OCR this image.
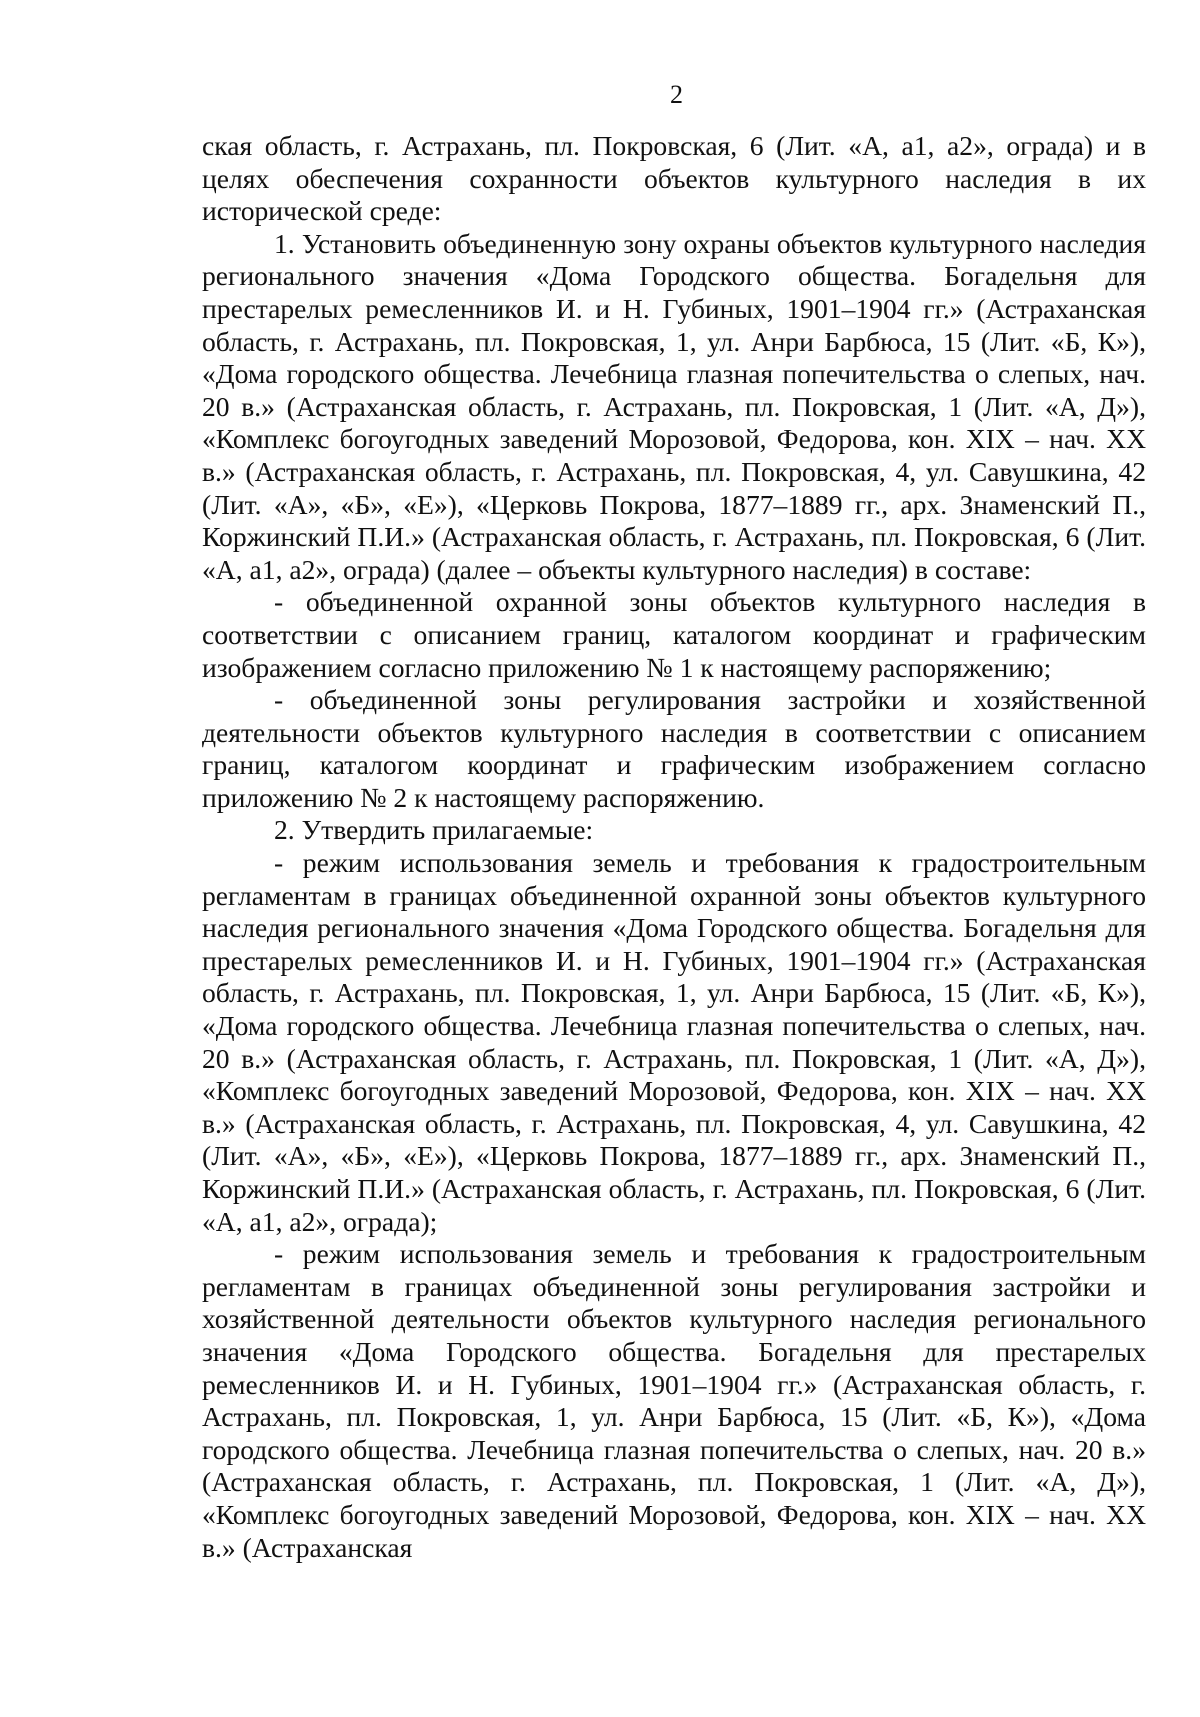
2

ская область, г. Астрахань, пл. Покровская, 6 (Лит. «А, а1, а2», ограда) и в целях обеспечения сохранности объектов культурного наследия в их исторической среде:

1. Установить объединенную зону охраны объектов культурного наследия регионального значения «Дома Городского общества. Богадельня для престарелых ремесленников И. и Н. Губиных, 1901–1904 гг.» (Астраханская область, г. Астрахань, пл. Покровская, 1, ул. Анри Барбюса, 15 (Лит. «Б, К»), «Дома городского общества. Лечебница глазная попечительства о слепых, нач. 20 в.» (Астраханская область, г. Астрахань, пл. Покровская, 1 (Лит. «А, Д»), «Комплекс богоугодных заведений Морозовой, Федорова, кон. XIX – нач. XX в.» (Астраханская область, г. Астрахань, пл. Покровская, 4, ул. Савушкина, 42 (Лит. «А», «Б», «Е»), «Церковь Покрова, 1877–1889 гг., арх. Знаменский П., Коржинский П.И.» (Астраханская область, г. Астрахань, пл. Покровская, 6 (Лит. «А, а1, а2», ограда) (далее – объекты культурного наследия) в составе:

- объединенной охранной зоны объектов культурного наследия в соответствии с описанием границ, каталогом координат и графическим изображением согласно приложению № 1 к настоящему распоряжению;

- объединенной зоны регулирования застройки и хозяйственной деятельности объектов культурного наследия в соответствии с описанием границ, каталогом координат и графическим изображением согласно приложению № 2 к настоящему распоряжению.

2. Утвердить прилагаемые:

- режим использования земель и требования к градостроительным регламентам в границах объединенной охранной зоны объектов культурного наследия регионального значения «Дома Городского общества. Богадельня для престарелых ремесленников И. и Н. Губиных, 1901–1904 гг.» (Астраханская область, г. Астрахань, пл. Покровская, 1, ул. Анри Барбюса, 15 (Лит. «Б, К»), «Дома городского общества. Лечебница глазная попечительства о слепых, нач. 20 в.» (Астраханская область, г. Астрахань, пл. Покровская, 1 (Лит. «А, Д»), «Комплекс богоугодных заведений Морозовой, Федорова, кон. XIX – нач. XX в.» (Астраханская область, г. Астрахань, пл. Покровская, 4, ул. Савушкина, 42 (Лит. «А», «Б», «Е»), «Церковь Покрова, 1877–1889 гг., арх. Знаменский П., Коржинский П.И.» (Астраханская область, г. Астрахань, пл. Покровская, 6 (Лит. «А, а1, а2», ограда);

- режим использования земель и требования к градостроительным регламентам в границах объединенной зоны регулирования застройки и хозяйственной деятельности объектов культурного наследия регионального значения «Дома Городского общества. Богадельня для престарелых ремесленников И. и Н. Губиных, 1901–1904 гг.» (Астраханская область, г. Астрахань, пл. Покровская, 1, ул. Анри Барбюса, 15 (Лит. «Б, К»), «Дома городского общества. Лечебница глазная попечительства о слепых, нач. 20 в.» (Астраханская область, г. Астрахань, пл. Покровская, 1 (Лит. «А, Д»), «Комплекс богоугодных заведений Морозовой, Федорова, кон. XIX – нач. XX в.» (Астраханская
